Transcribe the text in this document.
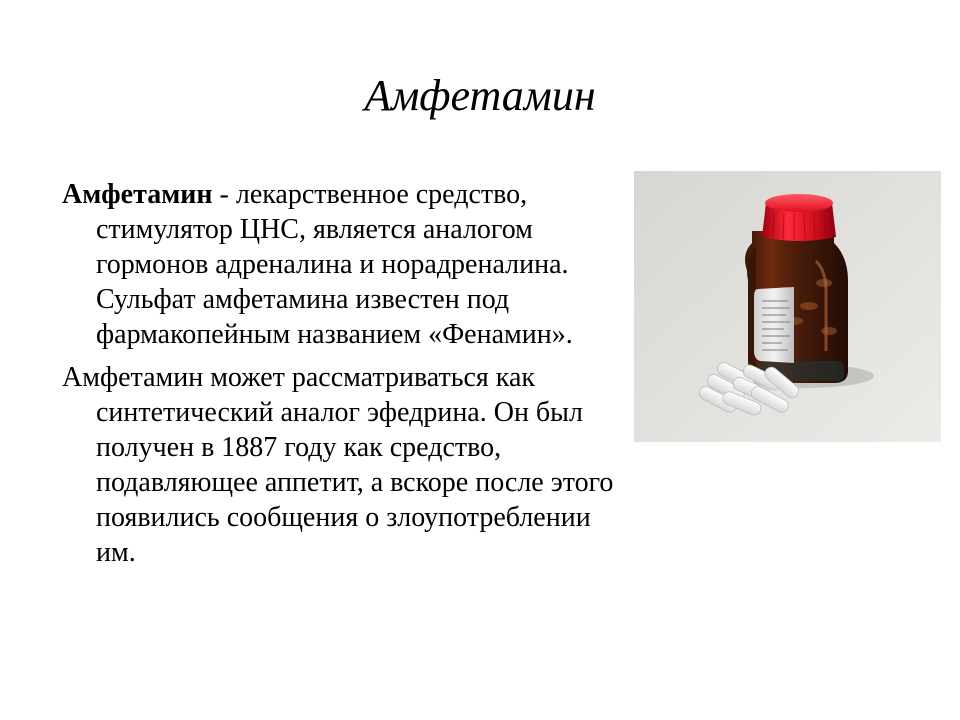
Амфетамин

Амфетамин - лекарственное средство, стимулятор ЦНС, является аналогом гормонов адреналина и норадреналина. Сульфат амфетамина известен под фармакопейным названием «Фенамин».

Амфетамин может рассматриваться как синтетический аналог эфедрина. Он был получен в 1887 году как средство, подавляющее аппетит, а вскоре после этого появились сообщения о злоупотреблении им.
